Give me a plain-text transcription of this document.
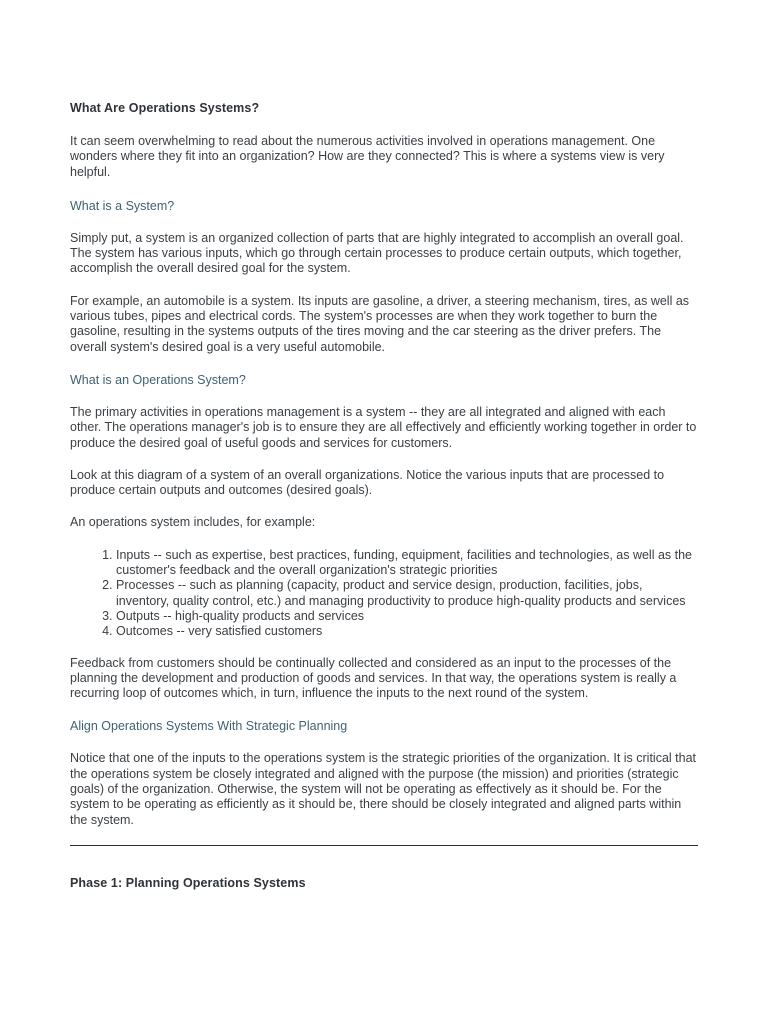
What Are Operations Systems?

It can seem overwhelming to read about the numerous activities involved in operations management. One wonders where they fit into an organization? How are they connected? This is where a systems view is very helpful.

What is a System?

Simply put, a system is an organized collection of parts that are highly integrated to accomplish an overall goal. The system has various inputs, which go through certain processes to produce certain outputs, which together, accomplish the overall desired goal for the system.

For example, an automobile is a system. Its inputs are gasoline, a driver, a steering mechanism, tires, as well as various tubes, pipes and electrical cords. The system's processes are when they work together to burn the gasoline, resulting in the systems outputs of the tires moving and the car steering as the driver prefers. The overall system's desired goal is a very useful automobile.

What is an Operations System?

The primary activities in operations management is a system -- they are all integrated and aligned with each other. The operations manager's job is to ensure they are all effectively and efficiently working together in order to produce the desired goal of useful goods and services for customers.

Look at this diagram of a system of an overall organizations. Notice the various inputs that are processed to produce certain outputs and outcomes (desired goals).

An operations system includes, for example:

1. Inputs -- such as expertise, best practices, funding, equipment, facilities and technologies, as well as the customer's feedback and the overall organization's strategic priorities
2. Processes -- such as planning (capacity, product and service design, production, facilities, jobs, inventory, quality control, etc.) and managing productivity to produce high-quality products and services
3. Outputs -- high-quality products and services
4. Outcomes -- very satisfied customers

Feedback from customers should be continually collected and considered as an input to the processes of the planning the development and production of goods and services. In that way, the operations system is really a recurring loop of outcomes which, in turn, influence the inputs to the next round of the system.

Align Operations Systems With Strategic Planning

Notice that one of the inputs to the operations system is the strategic priorities of the organization. It is critical that the operations system be closely integrated and aligned with the purpose (the mission) and priorities (strategic goals) of the organization. Otherwise, the system will not be operating as effectively as it should be. For the system to be operating as efficiently as it should be, there should be closely integrated and aligned parts within the system.

Phase 1: Planning Operations Systems
